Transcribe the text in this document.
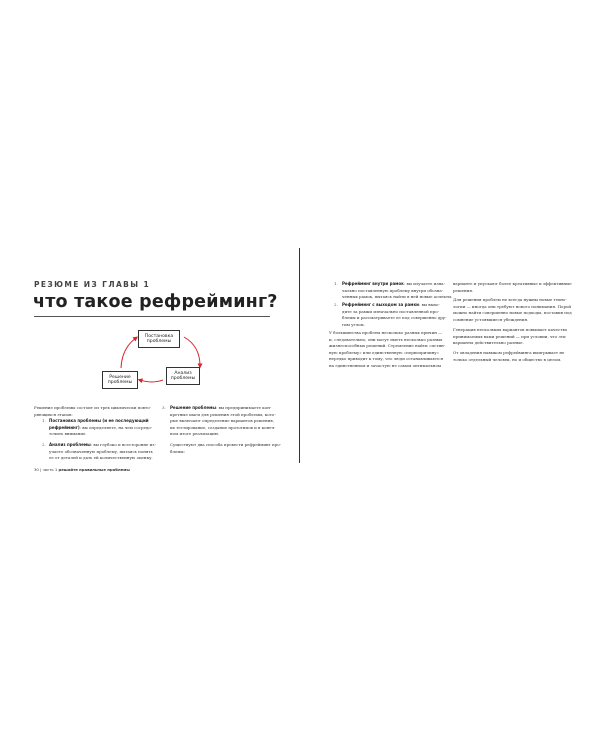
РЕЗЮМЕ ИЗ ГЛАВЫ 1
что такое рефрейминг?
Постановка
проблемы
Решение
проблемы
Анализ
проблемы
Решение проблемы состоит из трех циклически повто-
ряющихся этапов:
1. Постановка проблемы (и ее последующий
рефрейминг): вы определяете, на чем сосредо-
точить внимание.
2. Анализ проблемы: вы глубоко и всесторонне из-
учаете обозначенную проблему, пытаясь понять
ее от деталей и дать ей количественную оценку.
3. Решение проблемы: вы предпринимаете кон-
кретные шаги для решения этой проблемы, кото-
рые включают определение вариантов решения,
их тестирование, создание прототипов и в конеч-
ном итоге реализацию.
Существуют два способа провести рефрейминг про-
блемы:
30 | часть 1 решайте правильные проблемы
1. Рефрейминг внутри рамок: вы изучаете изна-
чально поставленную проблему внутри обозна-
ченных рамок, пытаясь найти в ней новые аспекты.
2. Рефрейминг с выходом за рамки: вы выхо-
дите за рамки изначально поставленной про-
блемы и рассматриваете ее под совершенно дру-
гим углом.
У большинства проблем несколько разных причин —
и, следовательно, они могут иметь несколько разных
жизнеспособных решений. Стремление найти «истин-
ную проблему» или единственную «первопричину»
нередко приводит к тому, что люди останавливаются
на единственном и зачастую не самом оптимальном
варианте и упускают более креативные и эффективные
решения.
Для решения проблем не всегда нужны новые техно-
логии — иногда они требуют нового понимания. Порой
можно найти совершенно новые подходы, поставив под
сомнение устоявшиеся убеждения.
Генерация нескольких вариантов повышает качество
принимаемых вами решений — при условии, что эти
варианты действительно разные.
От овладения навыком рефрейминга выигрывает не
только отдельный человек, но и общество в целом.
